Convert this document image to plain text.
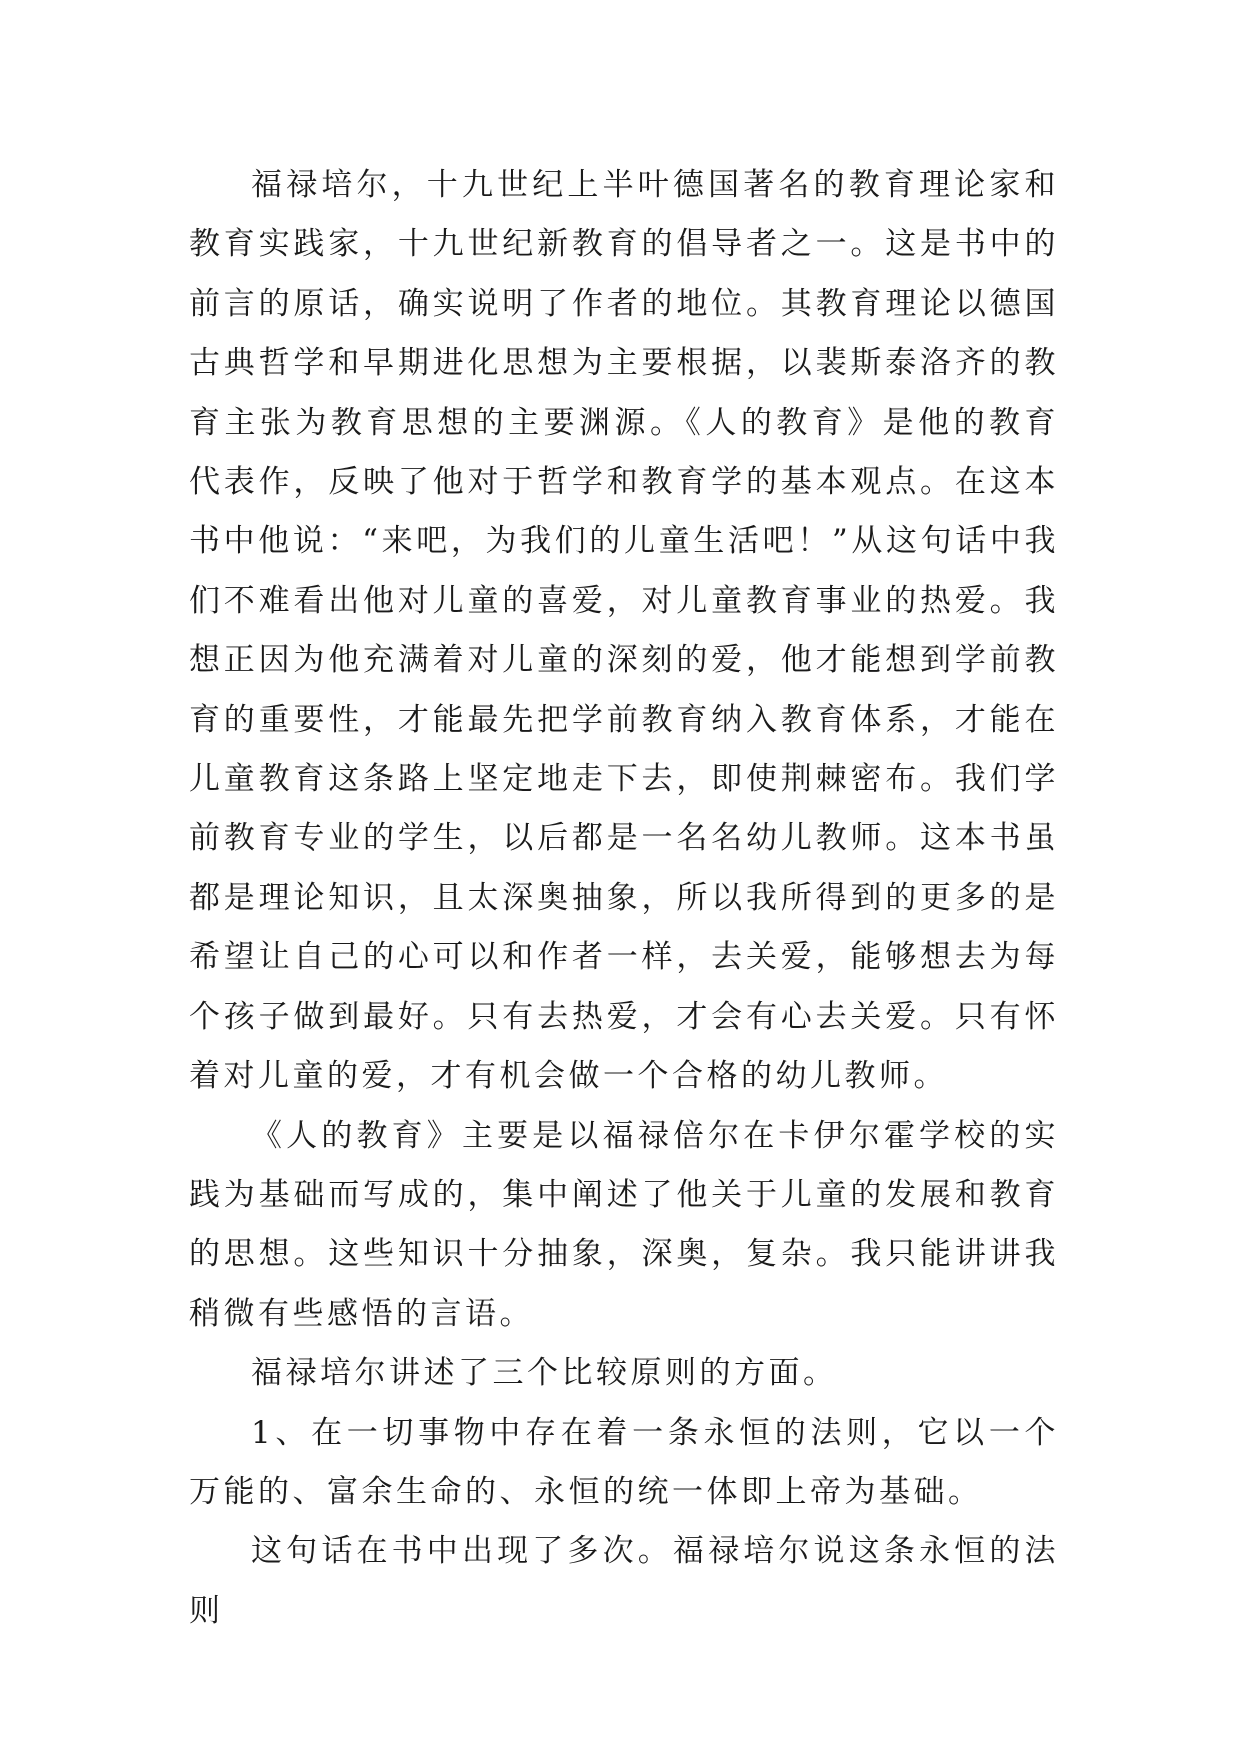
福禄培尔，十九世纪上半叶德国著名的教育理论家和教育实践家，十九世纪新教育的倡导者之一。这是书中的前言的原话，确实说明了作者的地位。其教育理论以德国古典哲学和早期进化思想为主要根据，以裴斯泰洛齐的教育主张为教育思想的主要渊源。《人的教育》是他的教育代表作，反映了他对于哲学和教育学的基本观点。在这本书中他说：“来吧，为我们的儿童生活吧！”从这句话中我们不难看出他对儿童的喜爱，对儿童教育事业的热爱。我想正因为他充满着对儿童的深刻的爱，他才能想到学前教育的重要性，才能最先把学前教育纳入教育体系，才能在儿童教育这条路上坚定地走下去，即使荆棘密布。我们学前教育专业的学生，以后都是一名名幼儿教师。这本书虽都是理论知识，且太深奥抽象，所以我所得到的更多的是希望让自己的心可以和作者一样，去关爱，能够想去为每个孩子做到最好。只有去热爱，才会有心去关爱。只有怀着对儿童的爱，才有机会做一个合格的幼儿教师。

《人的教育》主要是以福禄倍尔在卡伊尔霍学校的实践为基础而写成的，集中阐述了他关于儿童的发展和教育的思想。这些知识十分抽象，深奥，复杂。我只能讲讲我稍微有些感悟的言语。

福禄培尔讲述了三个比较原则的方面。

1、在一切事物中存在着一条永恒的法则，它以一个万能的、富余生命的、永恒的统一体即上帝为基础。

这句话在书中出现了多次。福禄培尔说这条永恒的法则
